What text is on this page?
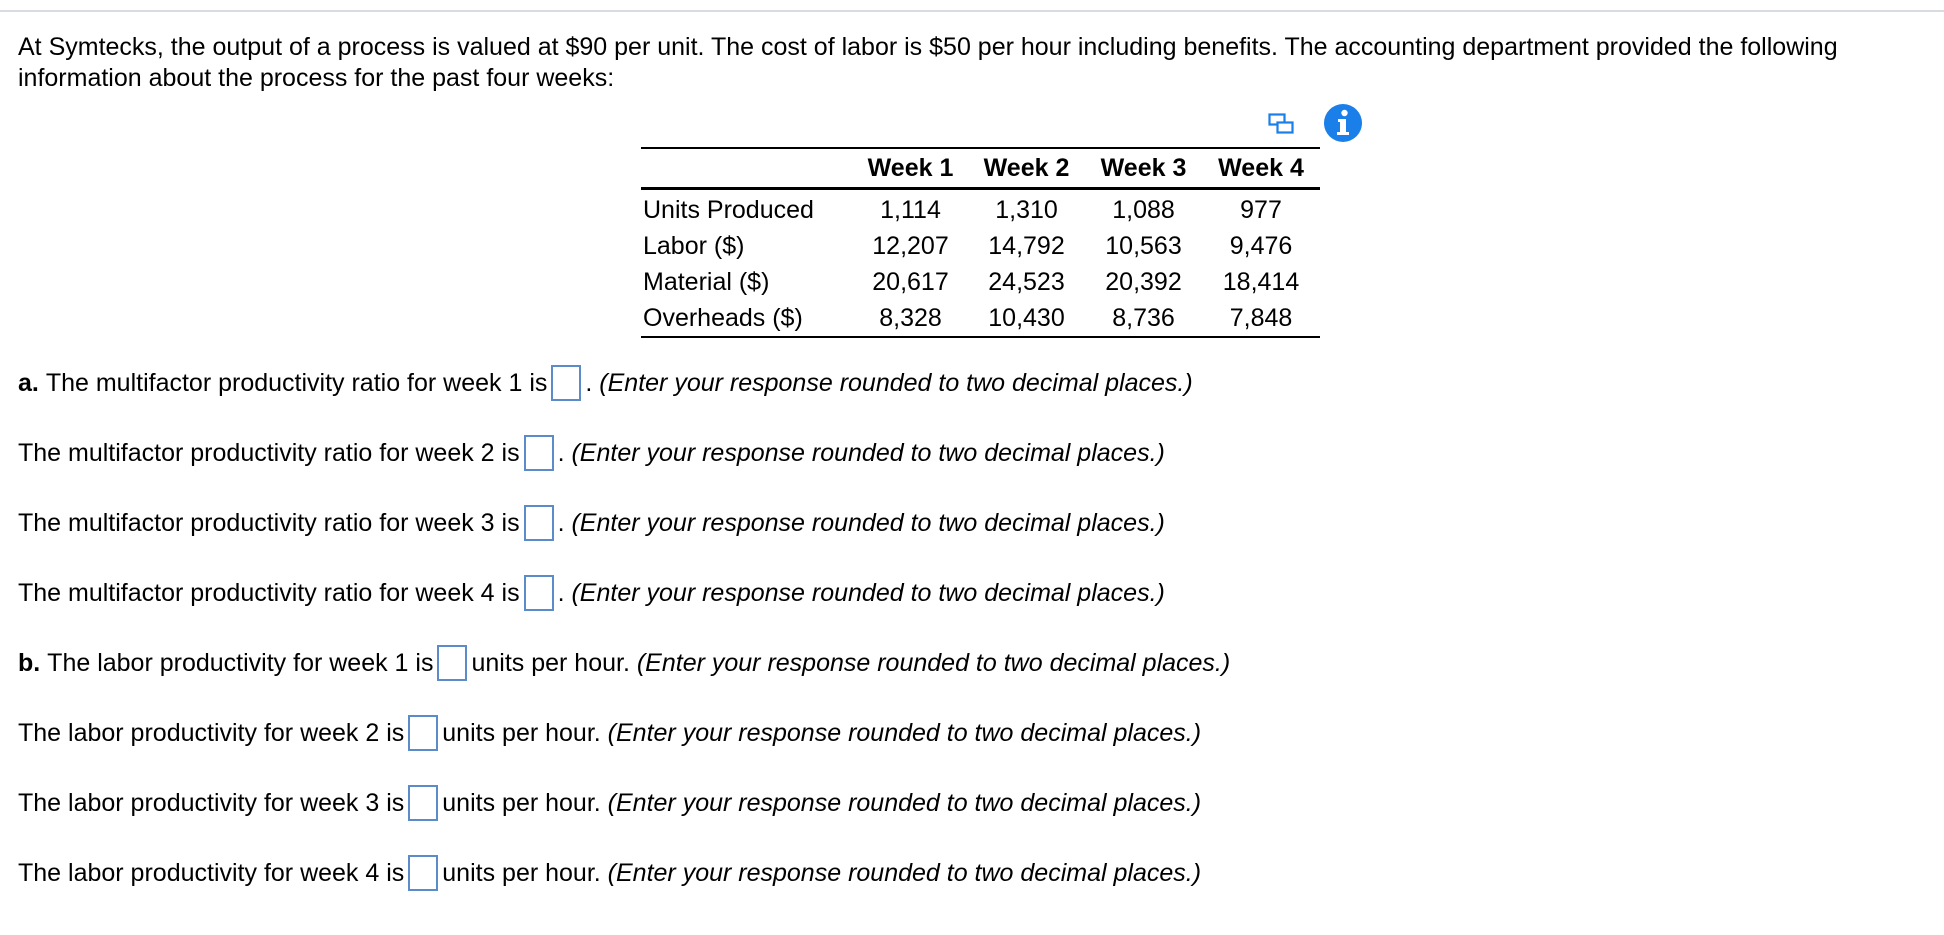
At Symtecks, the output of a process is valued at $90 per unit. The cost of labor is $50 per hour including benefits. The accounting department provided the following information about the process for the past four weeks:

	Week 1	Week 2	Week 3	Week 4
Units Produced	1,114	1,310	1,088	977
Labor ($)	12,207	14,792	10,563	9,476
Material ($)	20,617	24,523	20,392	18,414
Overheads ($)	8,328	10,430	8,736	7,848
a.
The multifactor productivity ratio for week 1 is .
(Enter your response rounded to two decimal places.)
The multifactor productivity ratio for week 2 is .
(Enter your response rounded to two decimal places.)
The multifactor productivity ratio for week 3 is .
(Enter your response rounded to two decimal places.)
The multifactor productivity ratio for week 4 is .
(Enter your response rounded to two decimal places.)
b.
The labor productivity for week 1 is units per hour.
(Enter your response rounded to two decimal places.)
The labor productivity for week 2 is units per hour.
(Enter your response rounded to two decimal places.)
The labor productivity for week 3 is units per hour.
(Enter your response rounded to two decimal places.)
The labor productivity for week 4 is units per hour.
(Enter your response rounded to two decimal places.)
